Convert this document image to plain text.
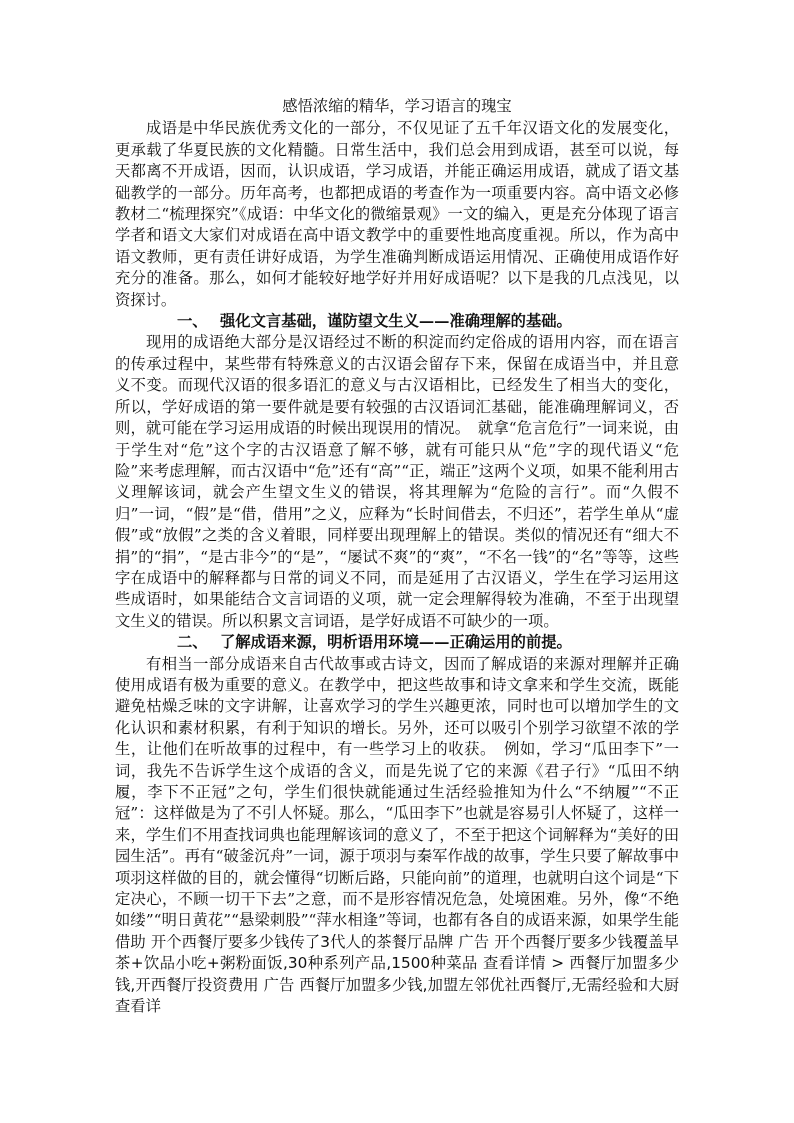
感悟浓缩的精华，学习语言的瑰宝

成语是中华民族优秀文化的一部分，不仅见证了五千年汉语文化的发展变化，更承载了华夏民族的文化精髓。日常生活中，我们总会用到成语，甚至可以说，每天都离不开成语，因而，认识成语，学习成语，并能正确运用成语，就成了语文基础教学的一部分。历年高考，也都把成语的考查作为一项重要内容。高中语文必修教材二“梳理探究”《成语：中华文化的微缩景观》一文的编入，更是充分体现了语言学者和语文大家们对成语在高中语文教学中的重要性地高度重视。所以，作为高中语文教师，更有责任讲好成语，为学生准确判断成语运用情况、正确使用成语作好充分的准备。那么，如何才能较好地学好并用好成语呢？以下是我的几点浅见，以资探讨。

一、 强化文言基础，谨防望文生义——准确理解的基础。

现用的成语绝大部分是汉语经过不断的积淀而约定俗成的语用内容，而在语言的传承过程中，某些带有特殊意义的古汉语会留存下来，保留在成语当中，并且意义不变。而现代汉语的很多语汇的意义与古汉语相比，已经发生了相当大的变化，所以，学好成语的第一要件就是要有较强的古汉语词汇基础，能准确理解词义，否则，就可能在学习运用成语的时候出现误用的情况。　就拿“危言危行”一词来说，由于学生对“危”这个字的古汉语意了解不够，就有可能只从“危”字的现代语义“危险”来考虑理解，而古汉语中“危”还有“高”“正，端正”这两个义项，如果不能利用古义理解该词，就会产生望文生义的错误，将其理解为“危险的言行”。而“久假不归”一词，“假”是“借，借用”之义，应释为“长时间借去，不归还”，若学生单从“虚假”或“放假”之类的含义着眼，同样要出现理解上的错误。类似的情况还有“细大不捐”的“捐”，“是古非今”的“是”，“屡试不爽”的“爽”，“不名一钱”的“名”等等，这些字在成语中的解释都与日常的词义不同，而是延用了古汉语义，学生在学习运用这些成语时，如果能结合文言词语的义项，就一定会理解得较为准确，不至于出现望文生义的错误。所以积累文言词语，是学好成语不可缺少的一项。

二、 了解成语来源，明析语用环境——正确运用的前提。

有相当一部分成语来自古代故事或古诗文，因而了解成语的来源对理解并正确使用成语有极为重要的意义。在教学中，把这些故事和诗文拿来和学生交流，既能避免枯燥乏味的文字讲解，让喜欢学习的学生兴趣更浓，同时也可以增加学生的文化认识和素材积累，有利于知识的增长。另外，还可以吸引个别学习欲望不浓的学生，让他们在听故事的过程中，有一些学习上的收获。　例如，学习“瓜田李下”一词，我先不告诉学生这个成语的含义，而是先说了它的来源《君子行》“瓜田不纳履，李下不正冠”之句，学生们很快就能通过生活经验推知为什么“不纳履”“不正冠”：这样做是为了不引人怀疑。那么，“瓜田李下”也就是容易引人怀疑了，这样一来，学生们不用查找词典也能理解该词的意义了，不至于把这个词解释为“美好的田园生活”。再有“破釜沉舟”一词，源于项羽与秦军作战的故事，学生只要了解故事中项羽这样做的目的，就会懂得“切断后路，只能向前”的道理，也就明白这个词是“下定决心，不顾一切干下去”之意，而不是形容情况危急，处境困难。另外，像“不绝如缕”“明日黄花”“悬梁刺股”“萍水相逢”等词，也都有各自的成语来源，如果学生能借助 开个西餐厅要多少钱传了3代人的茶餐厅品牌 广告 开个西餐厅要多少钱覆盖早茶+饮品小吃+粥粉面饭,30种系列产品,1500种菜品 查看详情 > 西餐厅加盟多少钱,开西餐厅投资费用 广告 西餐厅加盟多少钱,加盟左邻优社西餐厅,无需经验和大厨 查看详
